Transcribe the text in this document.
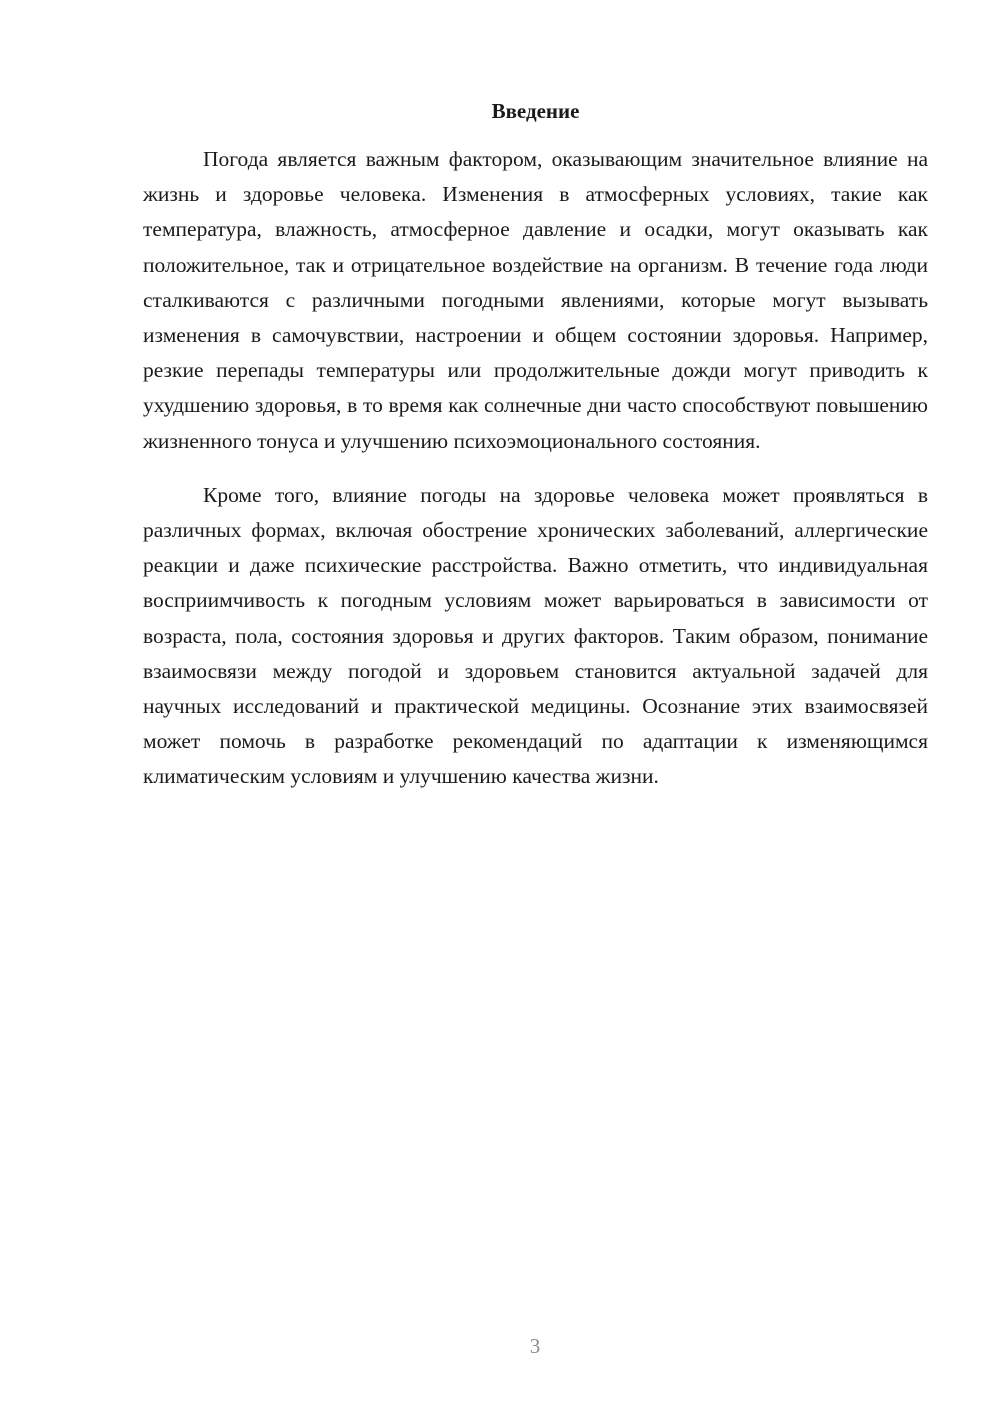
Введение

Погода является важным фактором, оказывающим значительное влияние на жизнь и здоровье человека. Изменения в атмосферных условиях, такие как температура, влажность, атмосферное давление и осадки, могут оказывать как положительное, так и отрицательное воздействие на организм. В течение года люди сталкиваются с различными погодными явлениями, которые могут вызывать изменения в самочувствии, настроении и общем состоянии здоровья. Например, резкие перепады температуры или продолжительные дожди могут приводить к ухудшению здоровья, в то время как солнечные дни часто способствуют повышению жизненного тонуса и улучшению психоэмоционального состояния.

Кроме того, влияние погоды на здоровье человека может проявляться в различных формах, включая обострение хронических заболеваний, аллергические реакции и даже психические расстройства. Важно отметить, что индивидуальная восприимчивость к погодным условиям может варьироваться в зависимости от возраста, пола, состояния здоровья и других факторов. Таким образом, понимание взаимосвязи между погодой и здоровьем становится актуальной задачей для научных исследований и практической медицины. Осознание этих взаимосвязей может помочь в разработке рекомендаций по адаптации к изменяющимся климатическим условиям и улучшению качества жизни.

3
